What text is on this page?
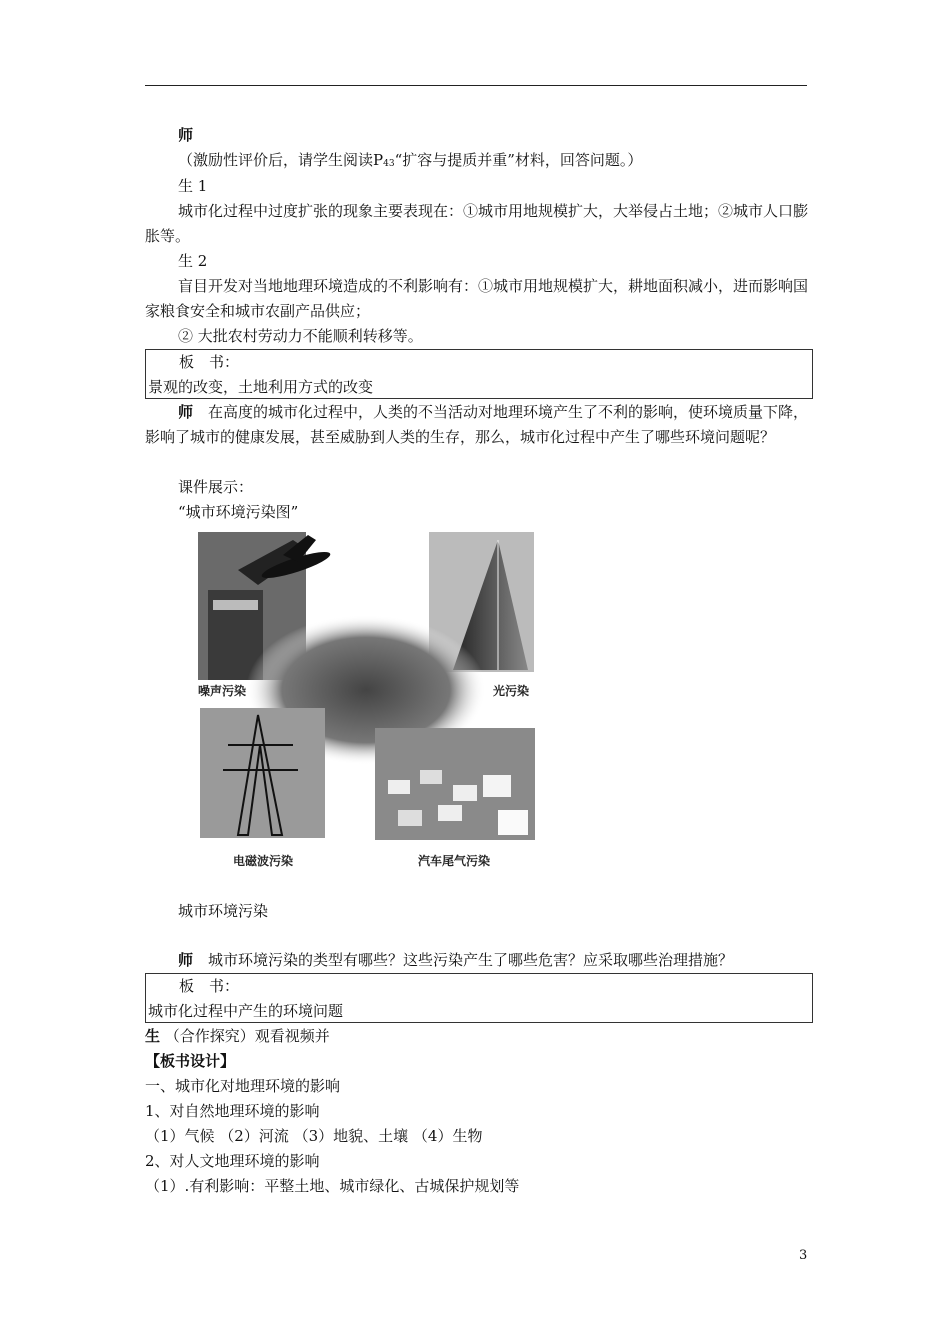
师
（激励性评价后，请学生阅读$P_{43}“$扩容与提质并重”材料，回答问题。）
生 1
城市化过程中过度扩张的现象主要表现在：①城市用地规模扩大，大举侵占土地；②城市人口膨胀等。
生 2
盲目开发对当地地理环境造成的不利影响有：①城市用地规模扩大，耕地面积减小，进而影响国家粮食安全和城市农副产品供应；
② 大批农村劳动力不能顺利转移等。
板　书：
景观的改变，土地利用方式的改变
师　 在高度的城市化过程中，人类的不当活动对地理环境产生了不利的影响，使环境质量下降，影响了城市的健康发展，甚至威胁到人类的生存，那么，城市化过程中产生了哪些环境问题呢？
课件展示：
“城市环境污染图”
噪声污染	光污染
电磁波污染	汽车尾气污染
城市环境污染
师　 城市环境污染的类型有哪些？这些污染产生了哪些危害？应采取哪些治理措施？
板　书：
城市化过程中产生的环境问题
生 （合作探究）观看视频并
【板书设计】
一、城市化对地理环境的影响
1、对自然地理环境的影响
（1）气候 （2）河流 （3）地貌、土壤 （4）生物
2、对人文地理环境的影响
（1）.有利影响：平整土地、城市绿化、古城保护规划等
3
